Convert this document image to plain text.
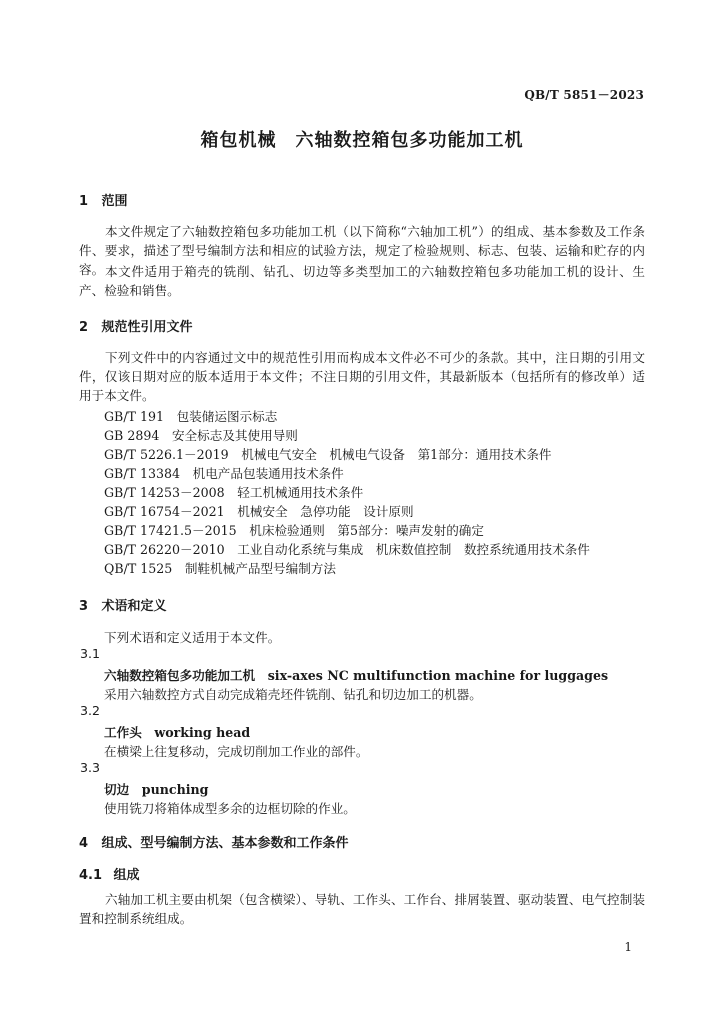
QB/T 5851－2023
箱包机械　六轴数控箱包多功能加工机
1 范围
本文件规定了六轴数控箱包多功能加工机（以下简称“六轴加工机”）的组成、基本参数及工作条件、要求，描述了型号编制方法和相应的试验方法，规定了检验规则、标志、包装、运输和贮存的内容。 本文件适用于箱壳的铣削、钻孔、切边等多类型加工的六轴数控箱包多功能加工机的设计、生产、检验和销售。
2 规范性引用文件
下列文件中的内容通过文中的规范性引用而构成本文件必不可少的条款。其中，注日期的引用文件，仅该日期对应的版本适用于本文件；不注日期的引用文件，其最新版本（包括所有的修改单）适用于本文件。
GB/T 191　包装储运图示标志
GB 2894　安全标志及其使用导则
GB/T 5226.1－2019　机械电气安全　机械电气设备　第1部分：通用技术条件
GB/T 13384　机电产品包装通用技术条件
GB/T 14253－2008　轻工机械通用技术条件
GB/T 16754－2021　机械安全　急停功能　设计原则
GB/T 17421.5－2015　机床检验通则　第5部分：噪声发射的确定
GB/T 26220－2010　工业自动化系统与集成　机床数值控制　数控系统通用技术条件
QB/T 1525　制鞋机械产品型号编制方法
3 术语和定义
下列术语和定义适用于本文件。
3.1
六轴数控箱包多功能加工机　six-axes NC multifunction machine for luggages
采用六轴数控方式自动完成箱壳坯件铣削、钻孔和切边加工的机器。
3.2
工作头　working head
在横梁上往复移动，完成切削加工作业的部件。
3.3
切边　punching
使用铣刀将箱体成型多余的边框切除的作业。
4 组成、型号编制方法、基本参数和工作条件
4.1 组成
六轴加工机主要由机架（包含横梁）、导轨、工作头、工作台、排屑装置、驱动装置、电气控制装置和控制系统组成。
1
